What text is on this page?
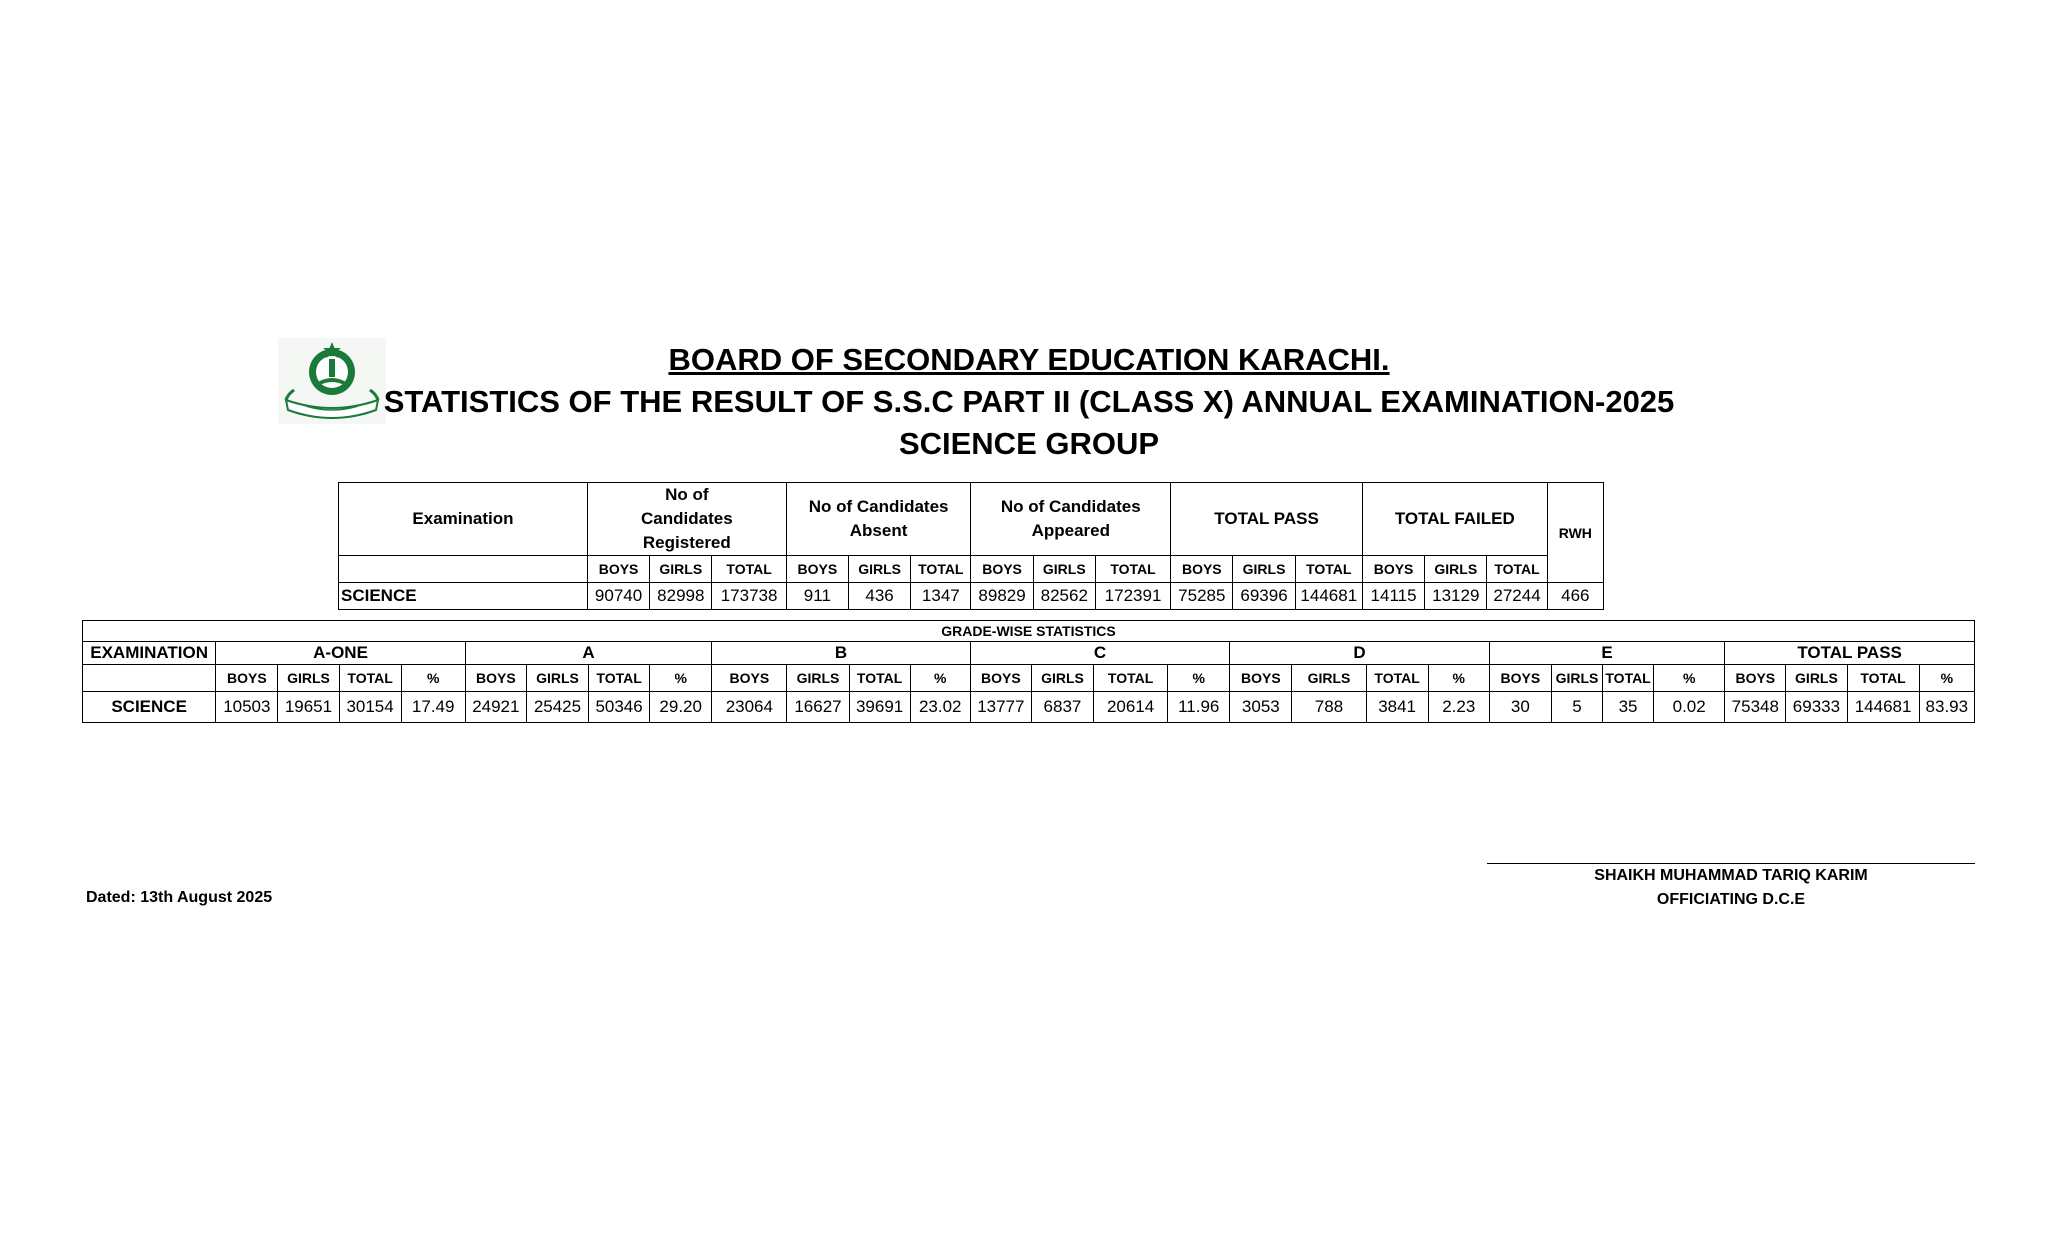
BOARD OF SECONDARY EDUCATION KARACHI.
STATISTICS OF THE RESULT OF S.S.C PART II (CLASS X) ANNUAL EXAMINATION-2025
SCIENCE GROUP
Examination	No of Candidates Registered			No of Candidates Absent			No of Candidates Appeared			TOTAL PASS			TOTAL FAILED			RWH
	BOYS	GIRLS	TOTAL	BOYS	GIRLS	TOTAL	BOYS	GIRLS	TOTAL	BOYS	GIRLS	TOTAL	BOYS	GIRLS	TOTAL	
SCIENCE	90740	82998	173738	911	436	1347	89829	82562	172391	75285	69396	144681	14115	13129	27244	466
GRADE-WISE STATISTICS																												
EXAMINATION	A-ONE				A				B				C				D				E				TOTAL PASS			
	BOYS	GIRLS	TOTAL	%	BOYS	GIRLS	TOTAL	%	BOYS	GIRLS	TOTAL	%	BOYS	GIRLS	TOTAL	%	BOYS	GIRLS	TOTAL	%	BOYS	GIRLS	TOTAL	%	BOYS	GIRLS	TOTAL	%
SCIENCE	10503	19651	30154	17.49	24921	25425	50346	29.20	23064	16627	39691	23.02	13777	6837	20614	11.96	3053	788	3841	2.23	30	5	35	0.02	75348	69333	144681	83.93
Dated: 13th August 2025
SHAIKH MUHAMMAD TARIQ KARIM
OFFICIATING D.C.E
